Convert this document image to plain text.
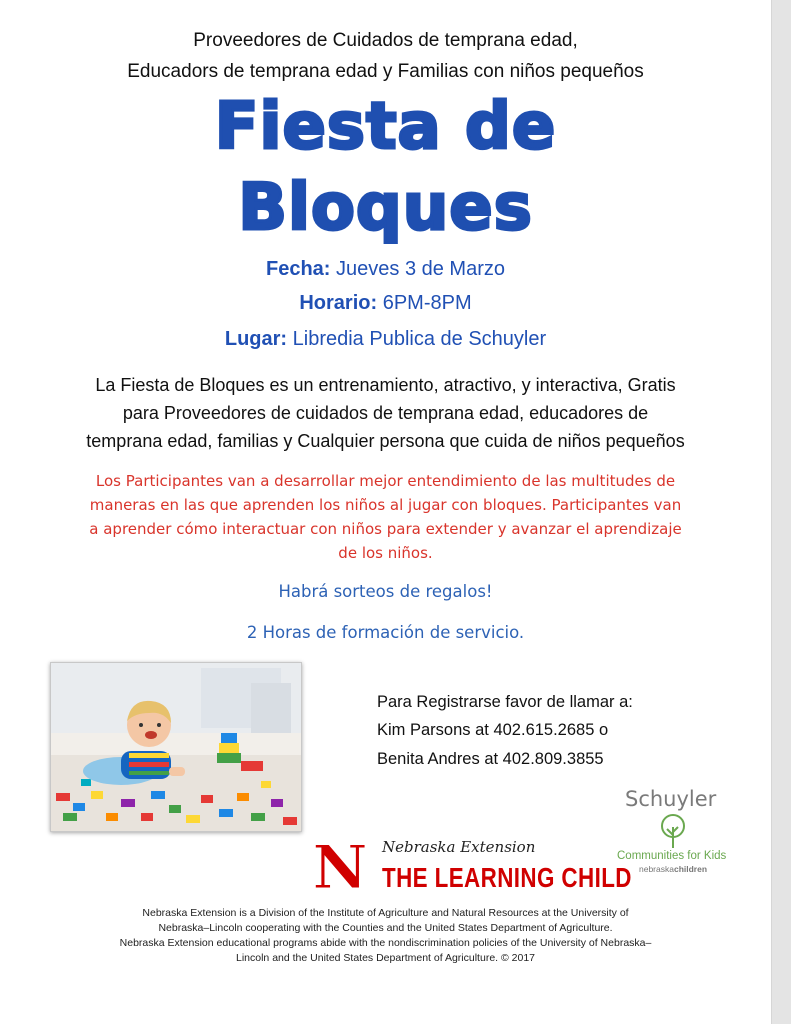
Proveedores de Cuidados de temprana edad,
Educadors de temprana edad y Familias con niños pequeños
Fiesta de
Bloques
Fecha: Jueves 3 de Marzo
Horario: 6PM-8PM
Lugar: Libredia Publica de Schuyler
La Fiesta de Bloques es un entrenamiento, atractivo, y interactiva, Gratis
para Proveedores de cuidados de temprana edad, educadores de
temprana edad, familias y Cualquier persona que cuida de niños pequeños
Los Participantes van a desarrollar mejor entendimiento de las multitudes de
maneras en las que aprenden los niños al jugar con bloques. Participantes van
a aprender cómo interactuar con niños para extender y avanzar el aprendizaje
de los niños.
Habrá sorteos de regalos!
2 Horas de formación de servicio.
Para Registrarse favor de llamar a:
Kim Parsons at 402.615.2685 o
Benita Andres at 402.809.3855
Schuyler
Communities for Kids
nebraskachildren
N Nebraska Extension
THE LEARNING CHILD
Nebraska Extension is a Division of the Institute of Agriculture and Natural Resources at the University of
Nebraska–Lincoln cooperating with the Counties and the United States Department of Agriculture.
Nebraska Extension educational programs abide with the nondiscrimination policies of the University of Nebraska–
Lincoln and the United States Department of Agriculture. © 2017
